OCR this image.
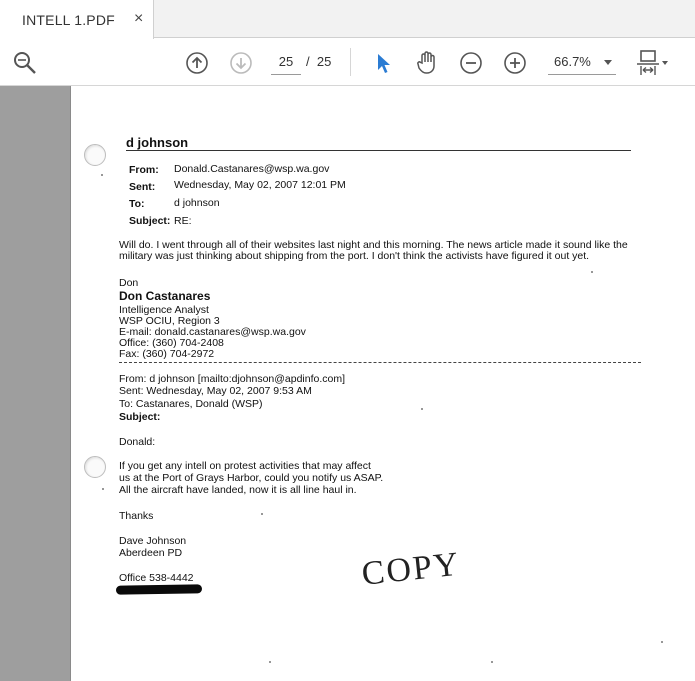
INTELL 1.PDF ×
25 / 25	66.7%
d johnson
From: Donald.Castanares@wsp.wa.gov
Sent: Wednesday, May 02, 2007 12:01 PM
To:	d johnson
Subject: RE:
Will do. I went through all of their websites last night and this morning. The news article made it sound like the
military was just thinking about shipping from the port. I don't think the activists have figured it out yet.
Don
Don Castanares
Intelligence Analyst
WSP OCIU, Region 3
E-mail: donald.castanares@wsp.wa.gov
Office: (360) 704-2408
Fax: (360) 704-2972
From: d johnson [mailto:djohnson@apdinfo.com]
Sent: Wednesday, May 02, 2007 9:53 AM
To: Castanares, Donald (WSP)
Subject:
Donald:
If you get any intell on protest activities that may affect
us at the Port of Grays Harbor, could you notify us ASAP.
All the aircraft have landed, now it is all line haul in.
Thanks
Dave Johnson
Aberdeen PD
Office 538-4442	COPY
